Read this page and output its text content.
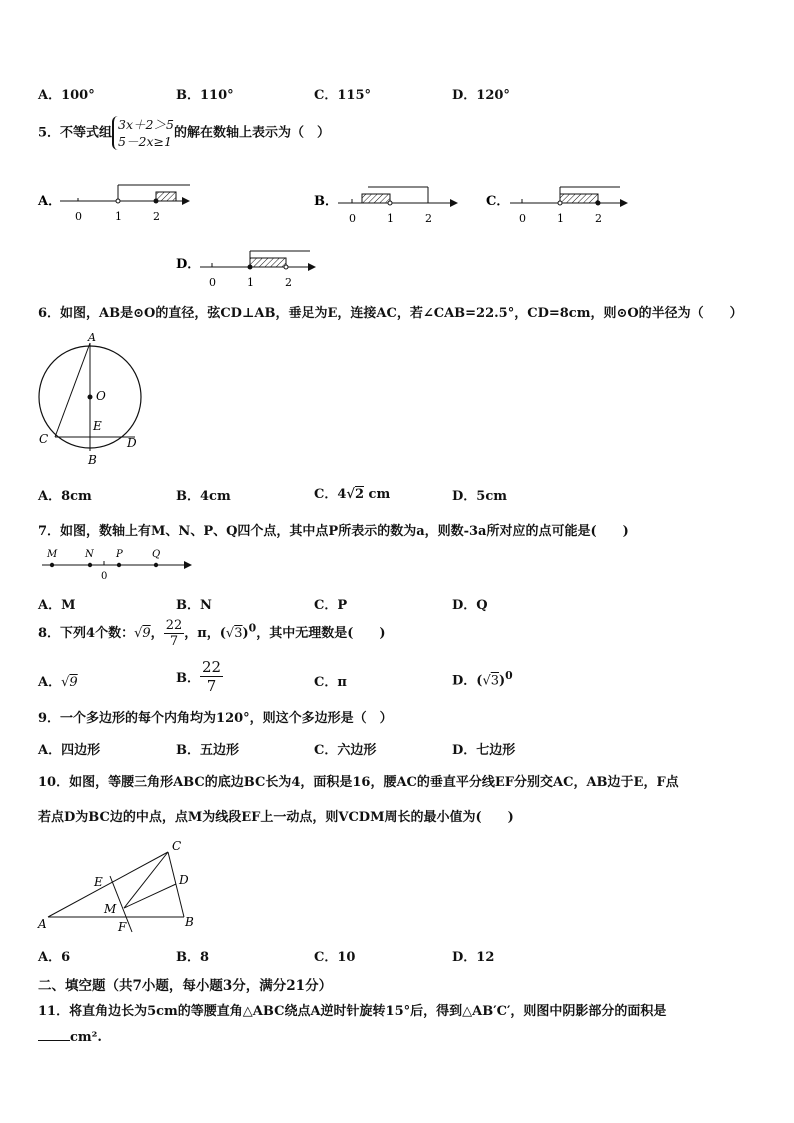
A．100°	B．110°	C．115°	D．120°
5．不等式组
3x＋2＞5
5－2x≥1
的解在数轴上表示为（　）
A．
0	1	2
B．
0	1	2
C．
0	1	2
D．
0	1	2
6．如图，AB是⊙O的直径，弦CD⊥AB，垂足为E，连接AC，若∠CAB=22.5°，CD=8cm，则⊙O的半径为（　　）
A
O
E
C	D
B
A．8cm	B．4cm	C．4√2 cm	D．5cm
7．如图，数轴上有M、N、P、Q四个点，其中点P所表示的数为a，则数-3a所对应的点可能是(　　)
M	N P	Q
0
A．M	B．N	C．P	D．Q
8．下列4个数：√9， $\frac{22}{7}$ ，π，$(√3)^0$，其中无理数是(　　)
A．√9	B． $\frac{22}{7}$	C．π	D．$(√3)^0$
9．一个多边形的每个内角均为120°，则这个多边形是（　）
A．四边形	B．五边形	C．六边形	D．七边形
10．如图，等腰三角形ABC的底边BC长为4，面积是16，腰AC的垂直平分线EF分别交AC，AB边于E，F点
若点D为BC边的中点，点M为线段EF上一动点，则VCDM周长的最小值为(　　)
C
D
E
M
A	B
F
A．6	B．8	C．10	D．12
二、填空题（共7小题，每小题3分，满分21分）
11．将直角边长为5cm的等腰直角△ABC绕点A逆时针旋转15°后，得到△AB′C′，则图中阴影部分的面积是
cm².
